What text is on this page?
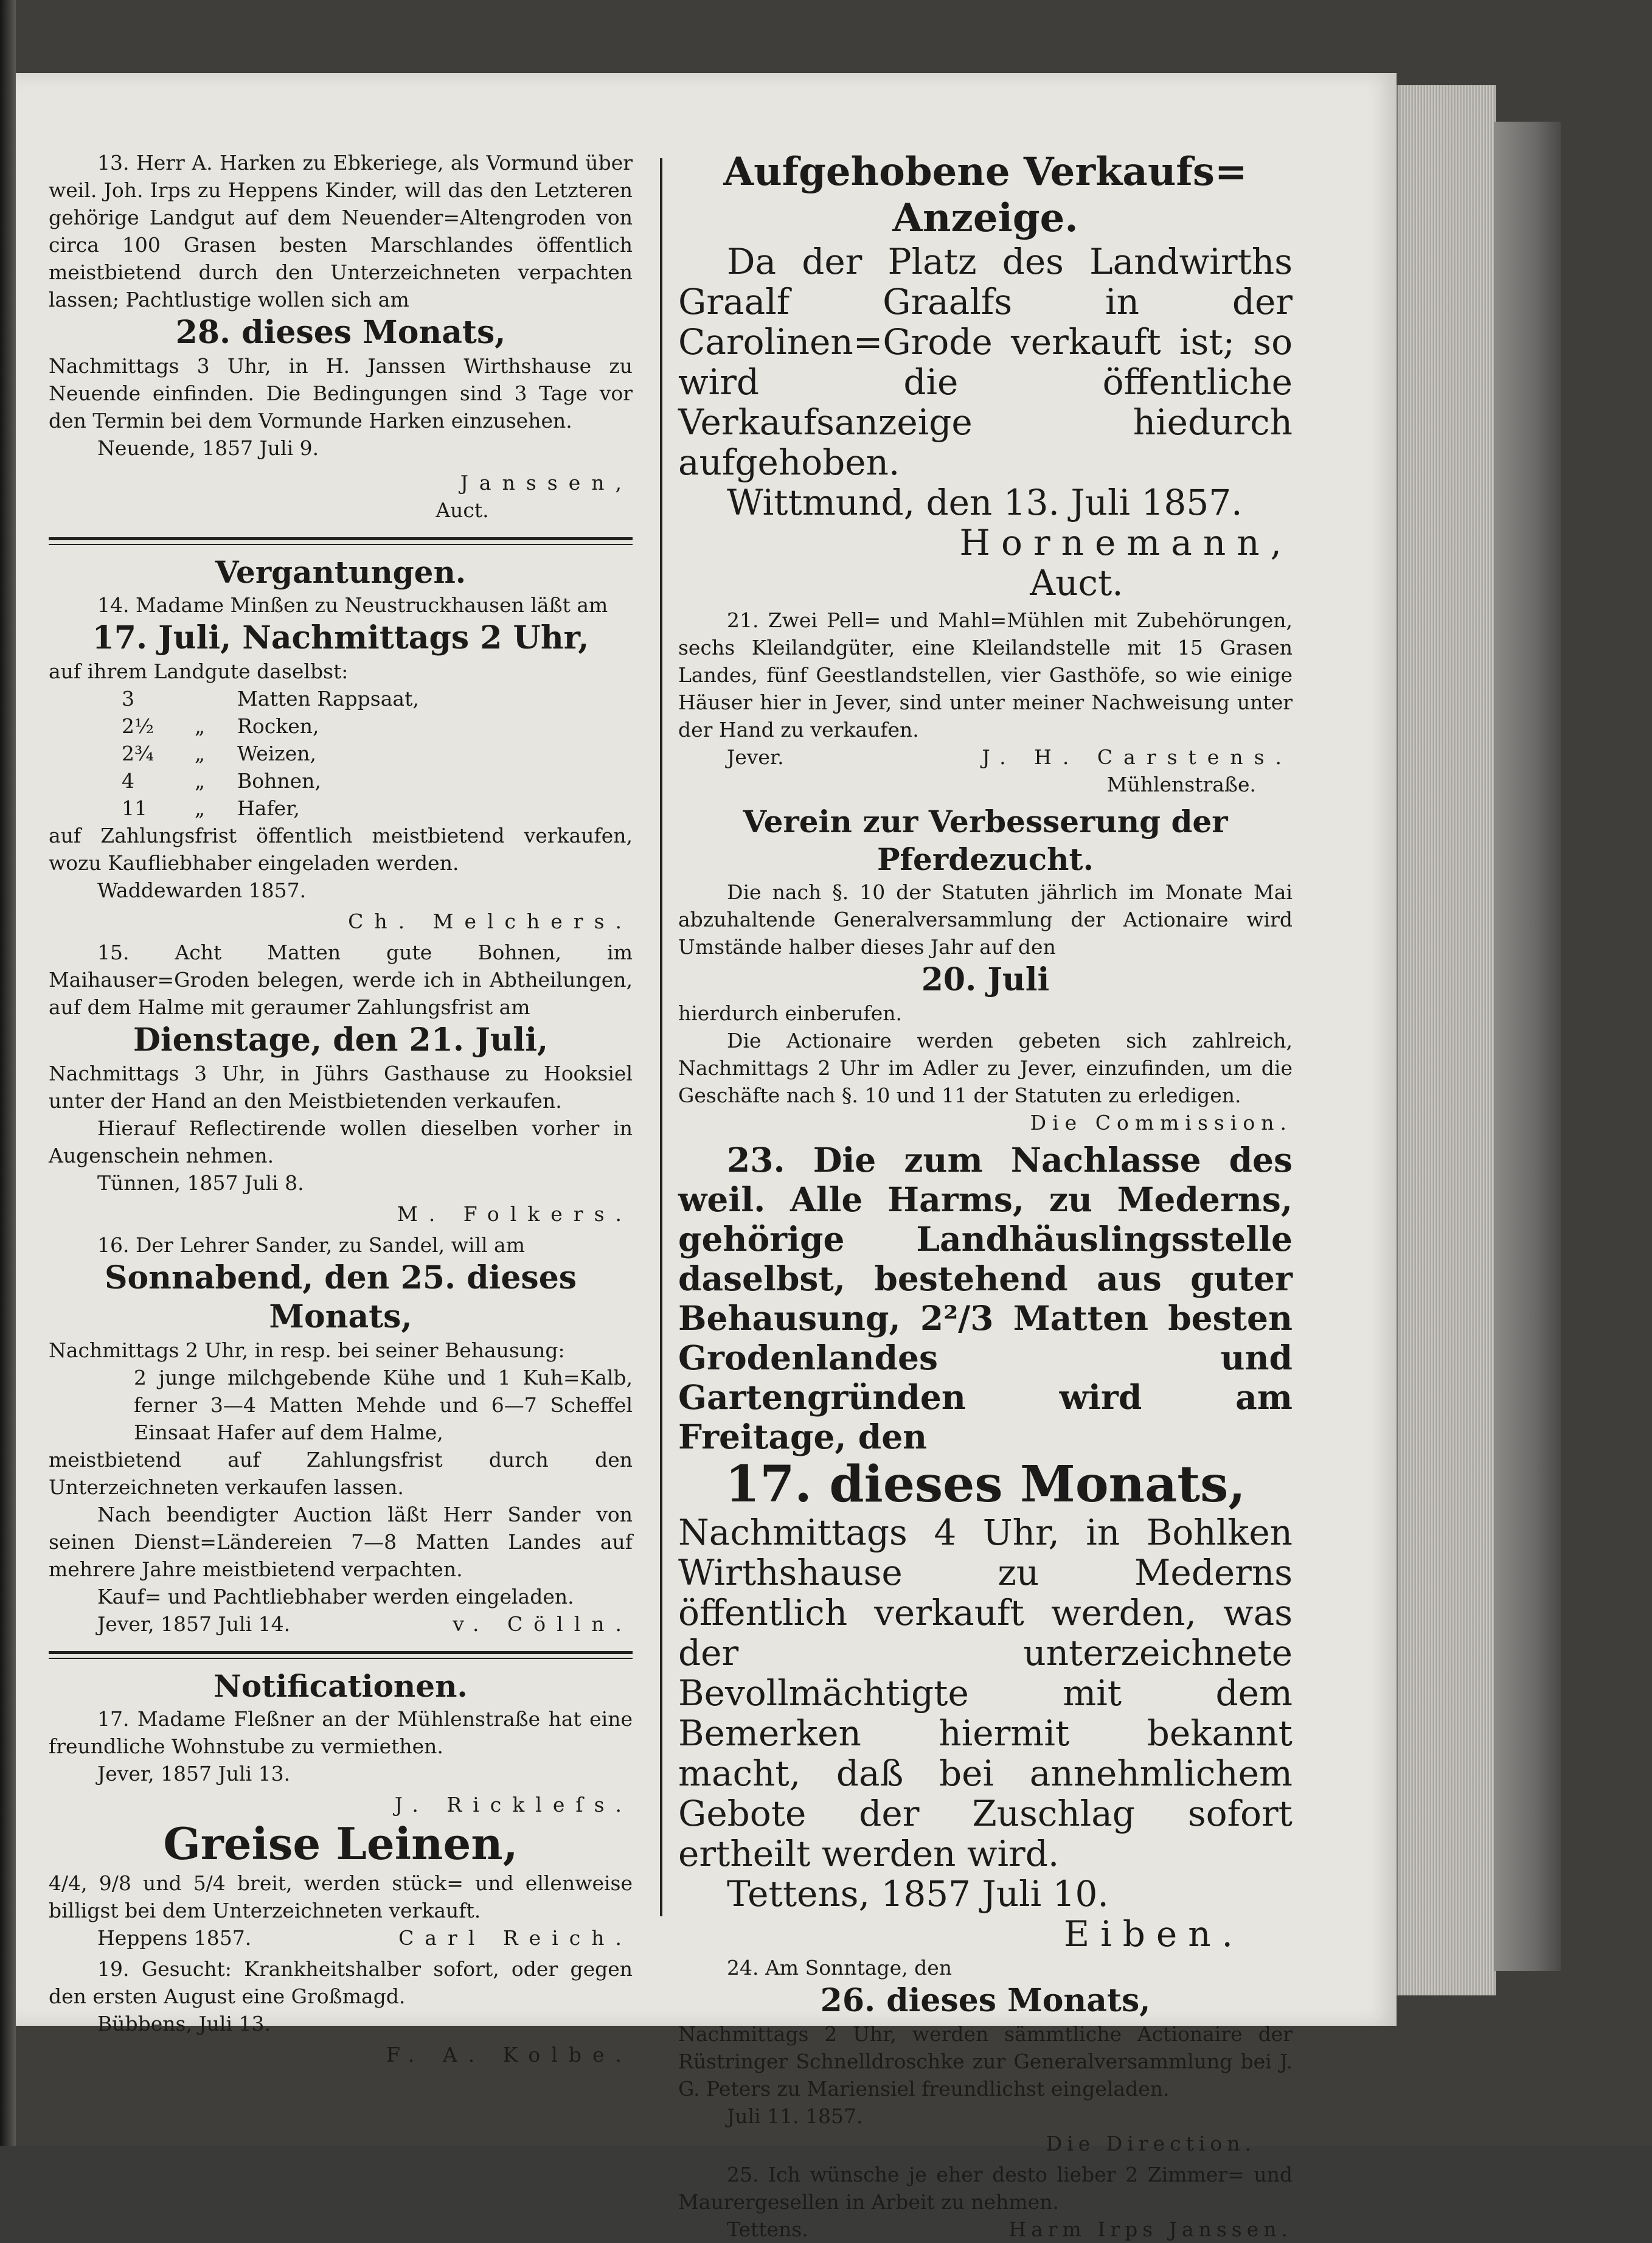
13. Herr A. Harken zu Ebkeriege, als Vormund über weil. Joh. Irps zu Heppens Kinder, will das den Letzteren gehörige Landgut auf dem Neuender=Altengroden von circa 100 Grasen besten Marschlandes öffentlich meistbietend durch den Unterzeichneten verpachten lassen; Pachtlustige wollen sich am

28. dieses Monats,

Nachmittags 3 Uhr, in H. Janssen Wirthshause zu Neuende einfinden. Die Bedingungen sind 3 Tage vor den Termin bei dem Vormunde Harken einzusehen.

Neuende, 1857 Juli 9.

Janssen,

Auct.

Vergantungen.

14. Madame Minßen zu Neustruckhausen läßt am

17. Juli, Nachmittags 2 Uhr,

auf ihrem Landgute daselbst:

3	Matten Rappsaat,
2½	„	Rocken,
2¾	„	Weizen,
4	„	Bohnen,
11	„	Hafer,

auf Zahlungsfrist öffentlich meistbietend verkaufen, wozu Kaufliebhaber eingeladen werden.

Waddewarden 1857.

Ch. Melchers.

15. Acht Matten gute Bohnen, im Maihauser=Groden belegen, werde ich in Abtheilungen, auf dem Halme mit geraumer Zahlungsfrist am

Dienstage, den 21. Juli,

Nachmittags 3 Uhr, in Jührs Gasthause zu Hooksiel unter der Hand an den Meistbietenden verkaufen.

Hierauf Reflectirende wollen dieselben vorher in Augenschein nehmen.

Tünnen, 1857 Juli 8.

M. Folkers.

16. Der Lehrer Sander, zu Sandel, will am

Sonnabend, den 25. dieses Monats,

Nachmittags 2 Uhr, in resp. bei seiner Behausung:

2 junge milchgebende Kühe und 1 Kuh=Kalb, ferner 3—4 Matten Mehde und 6—7 Scheffel Einsaat Hafer auf dem Halme,

meistbietend auf Zahlungsfrist durch den Unterzeichneten verkaufen lassen.

Nach beendigter Auction läßt Herr Sander von seinen Dienst=Ländereien 7—8 Matten Landes auf mehrere Jahre meistbietend verpachten.

Kauf= und Pachtliebhaber werden eingeladen.

Jever, 1857 Juli 14.	v. Cölln.

Notificationen.

17. Madame Fleßner an der Mühlenstraße hat eine freundliche Wohnstube zu vermiethen.

Jever, 1857 Juli 13.

J. Rickleſs.

Greise Leinen,

4/4, 9/8 und 5/4 breit, werden stück= und ellenweise billigst bei dem Unterzeichneten verkauft.

Heppens 1857.	Carl Reich.

19. Gesucht: Krankheitshalber sofort, oder gegen den ersten August eine Großmagd.

Bübbens, Juli 13.

F. A. Kolbe.

Aufgehobene Verkaufs=
Anzeige.

Da der Platz des Landwirths Graalf Graalfs in der Carolinen=Grode verkauft ist; so wird die öffentliche Verkaufsanzeige hiedurch aufgehoben.

Wittmund, den 13. Juli 1857.

Hornemann,

Auct.

21. Zwei Pell= und Mahl=Mühlen mit Zubehörungen, sechs Kleilandgüter, eine Kleilandstelle mit 15 Grasen Landes, fünf Geestlandstellen, vier Gasthöfe, so wie einige Häuser hier in Jever, sind unter meiner Nachweisung unter der Hand zu verkaufen.

Jever.	J. H. Carstens.

Mühlenstraße.

Verein zur Verbesserung der
Pferdezucht.

Die nach §. 10 der Statuten jährlich im Monate Mai abzuhaltende Generalversammlung der Actionaire wird Umstände halber dieses Jahr auf den

20. Juli

hierdurch einberufen.

Die Actionaire werden gebeten sich zahlreich, Nachmittags 2 Uhr im Adler zu Jever, einzufinden, um die Geschäfte nach §. 10 und 11 der Statuten zu erledigen.

Die Commission.

23. Die zum Nachlasse des weil. Alle Harms, zu Mederns, gehörige Landhäuslingsstelle daselbst, bestehend aus guter Behausung, 2²/3 Matten besten Grodenlandes und Gartengründen wird am Freitage, den

17. dieses Monats,

Nachmittags 4 Uhr, in Bohlken Wirthshause zu Mederns öffentlich verkauft werden, was der unterzeichnete Bevollmächtigte mit dem Bemerken hiermit bekannt macht, daß bei annehmlichem Gebote der Zuschlag sofort ertheilt werden wird.

Tettens, 1857 Juli 10.

Eiben.

24. Am Sonntage, den

26. dieses Monats,

Nachmittags 2 Uhr, werden sämmtliche Actionaire der Rüstringer Schnelldroschke zur Generalversammlung bei J. G. Peters zu Mariensiel freundlichst eingeladen.

Juli 11. 1857.

Die Direction.

25. Ich wünsche je eher desto lieber 2 Zimmer= und Maurergesellen in Arbeit zu nehmen.

Tettens.	Harm Irps Janssen.
